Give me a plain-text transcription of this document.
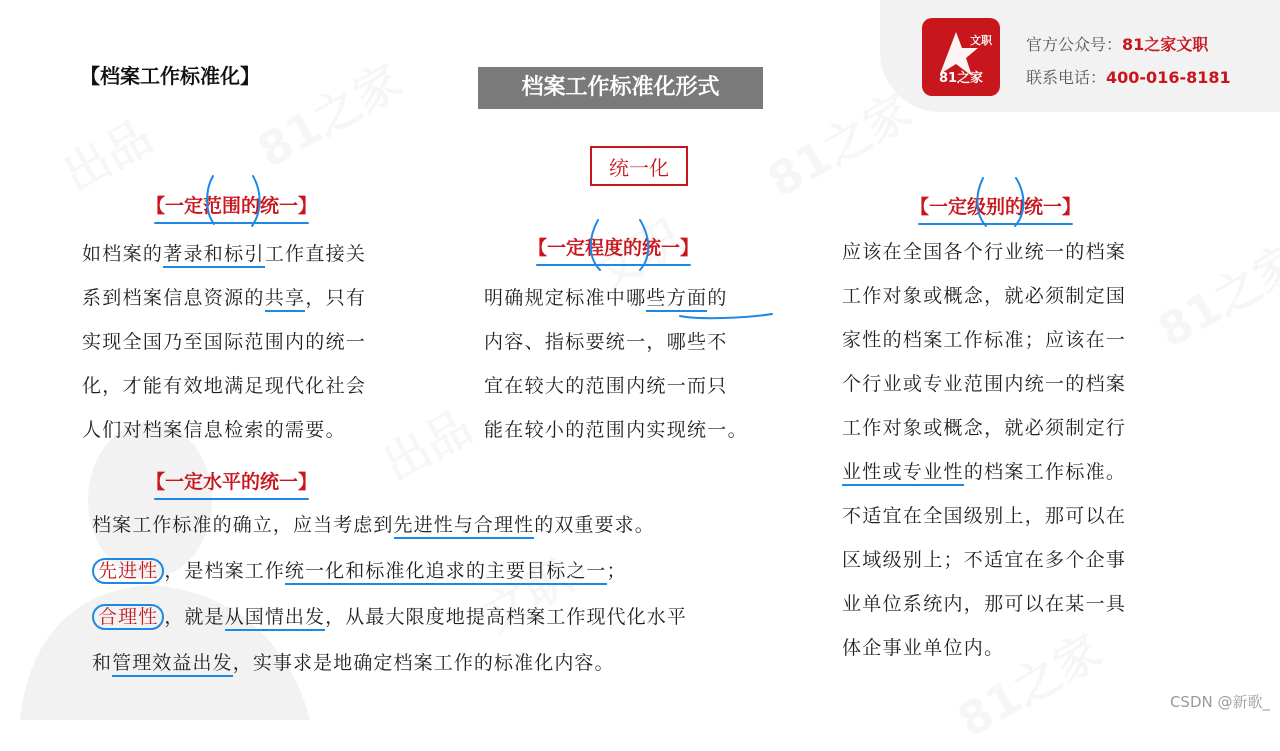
文职
81之家
官方公众号：81之家文职
联系电话：400-016-8181
【档案工作标准化】	档案工作标准化形式
统一化
【一定范围的统一】
如档案的著录和标引工作直接关
系到档案信息资源的共享，只有
实现全国乃至国际范围内的统一
化，才能有效地满足现代化社会
人们对档案信息检索的需要。
【一定程度的统一】
明确规定标准中哪些方面的
内容、指标要统一，哪些不
宜在较大的范围内统一而只
能在较小的范围内实现统一。
【一定级别的统一】
应该在全国各个行业统一的档案
工作对象或概念，就必须制定国
家性的档案工作标准；应该在一
个行业或专业范围内统一的档案
工作对象或概念，就必须制定行
业性或专业性的档案工作标准。
不适宜在全国级别上，那可以在
区域级别上；不适宜在多个企事
业单位系统内，那可以在某一具
体企事业单位内。
【一定水平的统一】
档案工作标准的确立，应当考虑到先进性与合理性的双重要求。
先进性 ，是档案工作统一化和标准化追求的主要目标之一；
合理性 ，就是从国情出发，从最大限度地提高档案工作现代化水平
和管理效益出发，实事求是地确定档案工作的标准化内容。
CSDN @新歌_
